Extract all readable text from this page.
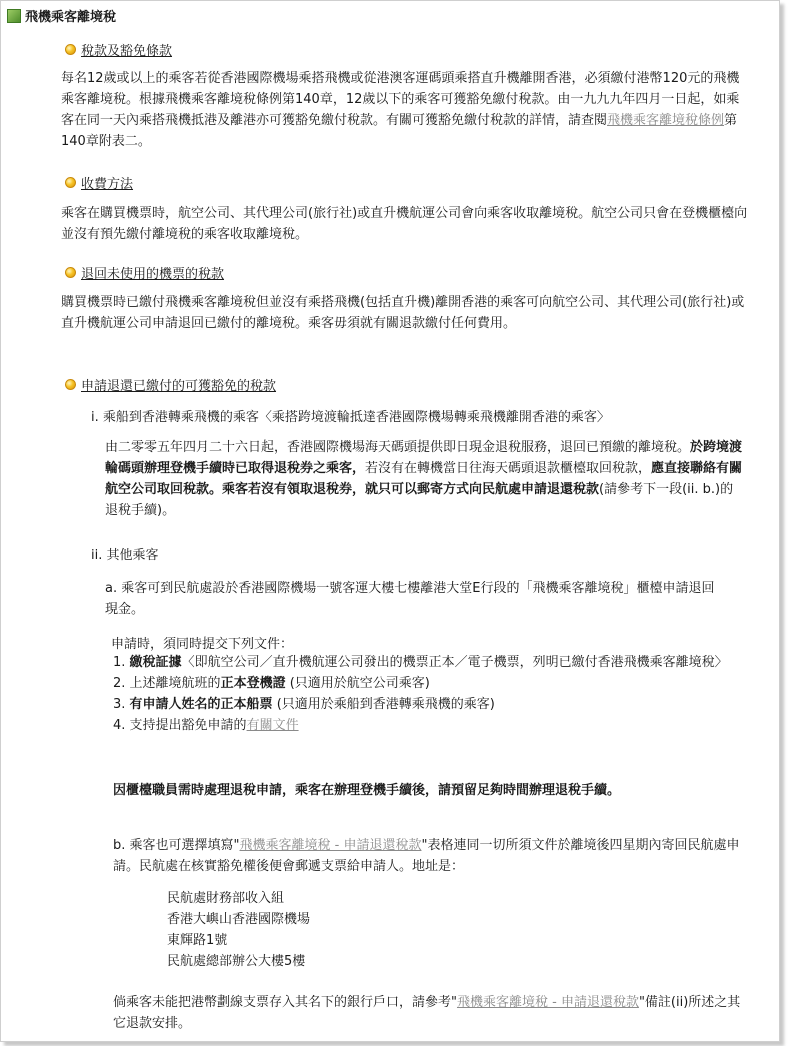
飛機乘客離境稅
稅款及豁免條款

每名12歲或以上的乘客若從香港國際機場乘搭飛機或從港澳客運碼頭乘搭直升機離開香港，必須繳付港幣120元的飛機乘客離境稅。根據飛機乘客離境稅條例第140章，12歲以下的乘客可獲豁免繳付稅款。由一九九九年四月一日起，如乘客在同一天內乘搭飛機抵港及離港亦可獲豁免繳付稅款。有關可獲豁免繳付稅款的詳情，請查閱飛機乘客離境稅條例第140章附表二。

收費方法

乘客在購買機票時，航空公司、其代理公司(旅行社)或直升機航運公司會向乘客收取離境稅。航空公司只會在登機櫃檯向並沒有預先繳付離境稅的乘客收取離境稅。

退回未使用的機票的稅款

購買機票時已繳付飛機乘客離境稅但並沒有乘搭飛機(包括直升機)離開香港的乘客可向航空公司、其代理公司(旅行社)或直升機航運公司申請退回已繳付的離境稅。乘客毋須就有關退款繳付任何費用。

申請退還已繳付的可獲豁免的稅款
i. 乘船到香港轉乘飛機的乘客〈乘搭跨境渡輪抵達香港國際機場轉乘飛機離開香港的乘客〉

由二零零五年四月二十六日起，香港國際機場海天碼頭提供即日現金退稅服務，退回已預繳的離境稅。於跨境渡輪碼頭辦理登機手續時已取得退稅券之乘客，若沒有在轉機當日往海天碼頭退款櫃檯取回稅款，應直接聯絡有關航空公司取回稅款。乘客若沒有領取退稅券，就只可以郵寄方式向民航處申請退還稅款(請參考下一段(ii. b.)的退稅手續)。

ii. 其他乘客

a. 乘客可到民航處設於香港國際機場一號客運大樓七樓離港大堂E行段的「飛機乘客離境稅」櫃檯申請退回現金。

申請時，須同時提交下列文件：
1. 繳稅証據〈即航空公司／直升機航運公司發出的機票正本／電子機票，列明已繳付香港飛機乘客離境稅〉
2. 上述離境航班的正本登機證 (只適用於航空公司乘客)
3. 有申請人姓名的正本船票 (只適用於乘船到香港轉乘飛機的乘客)
4. 支持提出豁免申請的有關文件

因櫃檯職員需時處理退稅申請，乘客在辦理登機手續後，請預留足夠時間辦理退稅手續。

b. 乘客也可選擇填寫"飛機乘客離境稅 - 申請退還稅款"表格連同一切所須文件於離境後四星期內寄回民航處申請。民航處在核實豁免權後便會郵遞支票給申請人。地址是：

民航處財務部收入組
香港大嶼山香港國際機場
東輝路1號
民航處總部辦公大樓5樓

倘乘客未能把港幣劃線支票存入其名下的銀行戶口，請參考"飛機乘客離境稅 - 申請退還稅款"備註(ii)所述之其它退款安排。
